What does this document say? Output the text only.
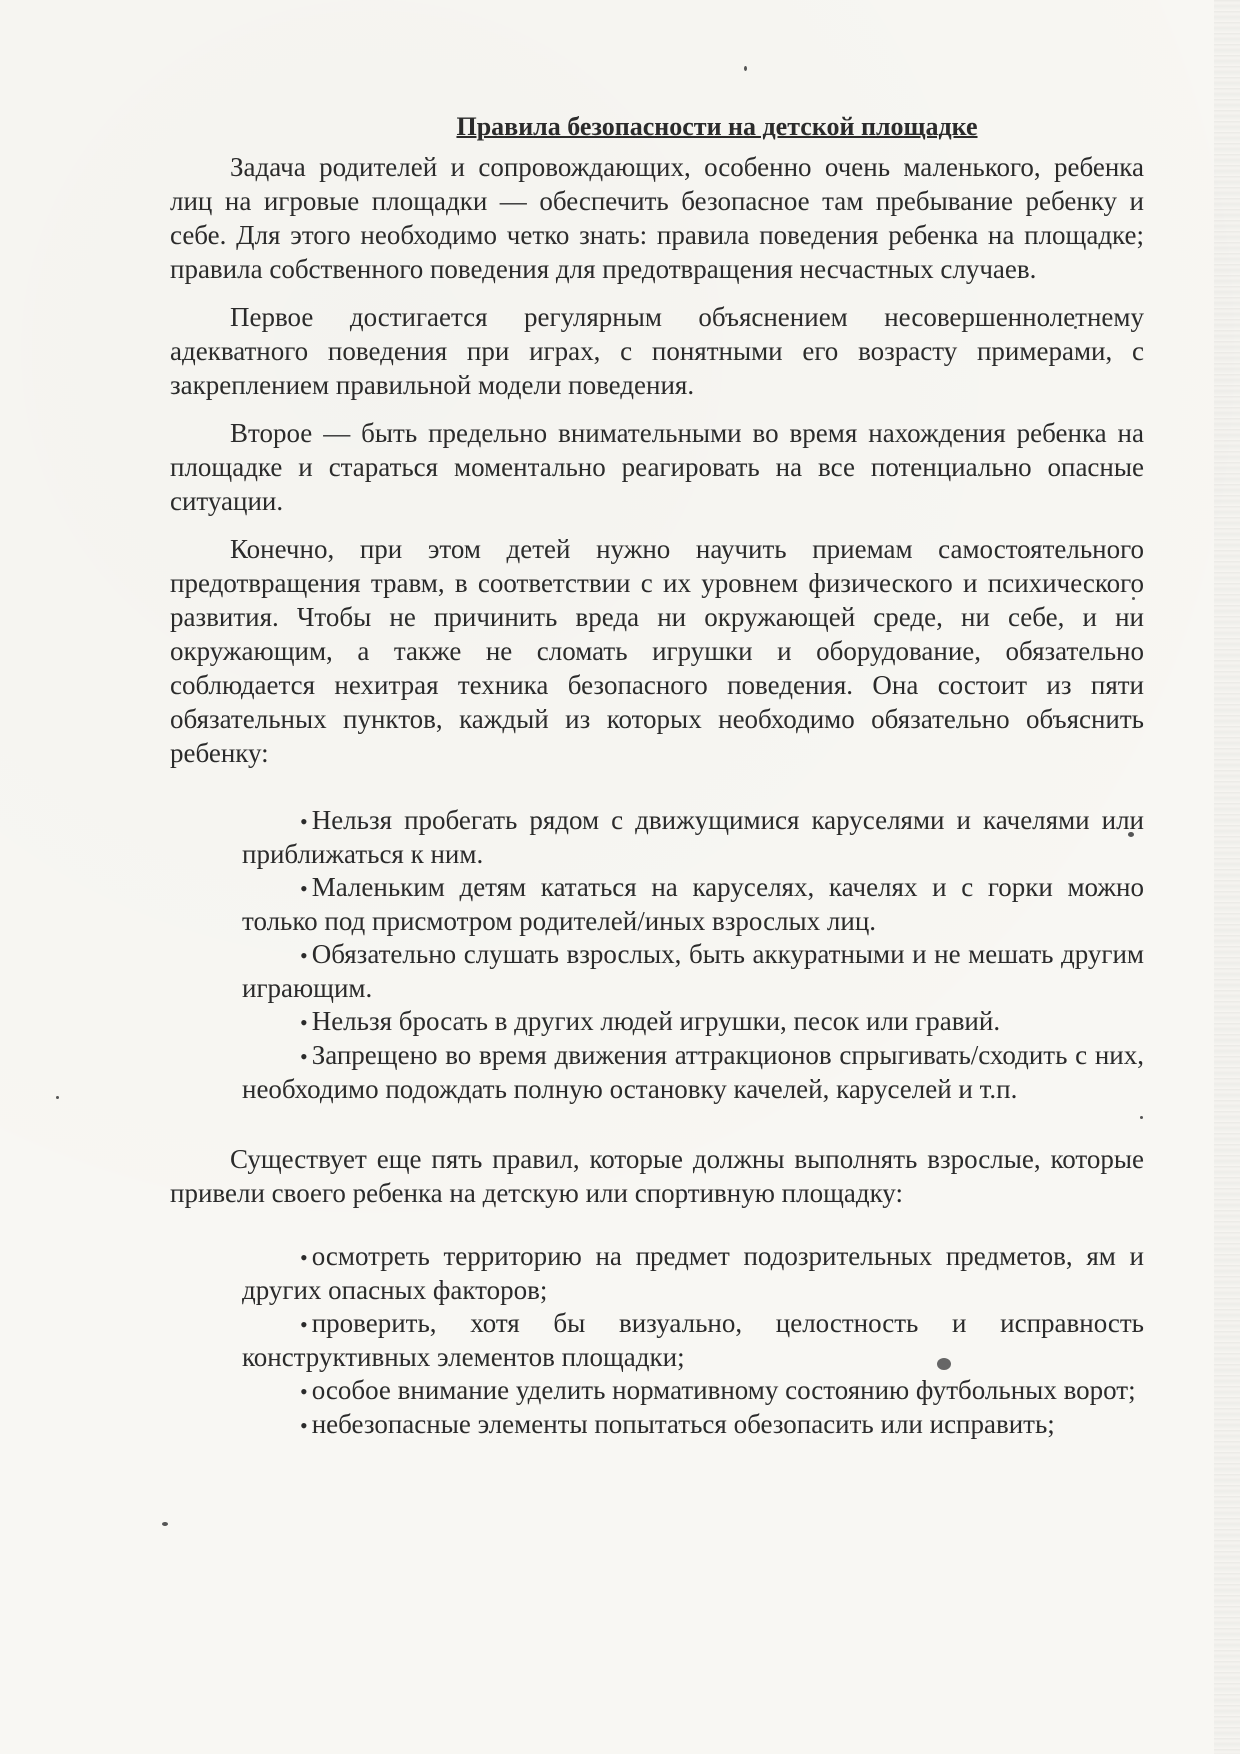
Правила безопасности на детской площадке

Задача родителей и сопровождающих, особенно очень маленького, ребенка лиц на игровые площадки — обеспечить безопасное там пребывание ребенку и себе. Для этого необходимо четко знать: правила поведения ребенка на площадке; правила собственного поведения для предотвращения несчастных случаев.

Первое достигается регулярным объяснением несовершеннолетнему адекватного поведения при играх, с понятными его возрасту примерами, с закреплением правильной модели поведения.

Второе — быть предельно внимательными во время нахождения ребенка на площадке и стараться моментально реагировать на все потенциально опасные ситуации.

Конечно, при этом детей нужно научить приемам самостоятельного предотвращения травм, в соответствии с их уровнем физического и психического развития. Чтобы не причинить вреда ни окружающей среде, ни себе, и ни окружающим, а также не сломать игрушки и оборудование, обязательно соблюдается нехитрая техника безопасного поведения. Она состоит из пяти обязательных пунктов, каждый из которых необходимо обязательно объяснить ребенку:

• Нельзя пробегать рядом с движущимися каруселями и качелями или приближаться к ним.

• Маленьким детям кататься на каруселях, качелях и с горки можно только под присмотром родителей/иных взрослых лиц.

• Обязательно слушать взрослых, быть аккуратными и не мешать другим играющим.

• Нельзя бросать в других людей игрушки, песок или гравий.

• Запрещено во время движения аттракционов спрыгивать/сходить с них, необходимо подождать полную остановку качелей, каруселей и т.п.

Существует еще пять правил, которые должны выполнять взрослые, которые привели своего ребенка на детскую или спортивную площадку:

• осмотреть территорию на предмет подозрительных предметов, ям и других опасных факторов;

• проверить, хотя бы визуально, целостность и исправность конструктивных элементов площадки;

• особое внимание уделить нормативному состоянию футбольных ворот;

• небезопасные элементы попытаться обезопасить или исправить;
